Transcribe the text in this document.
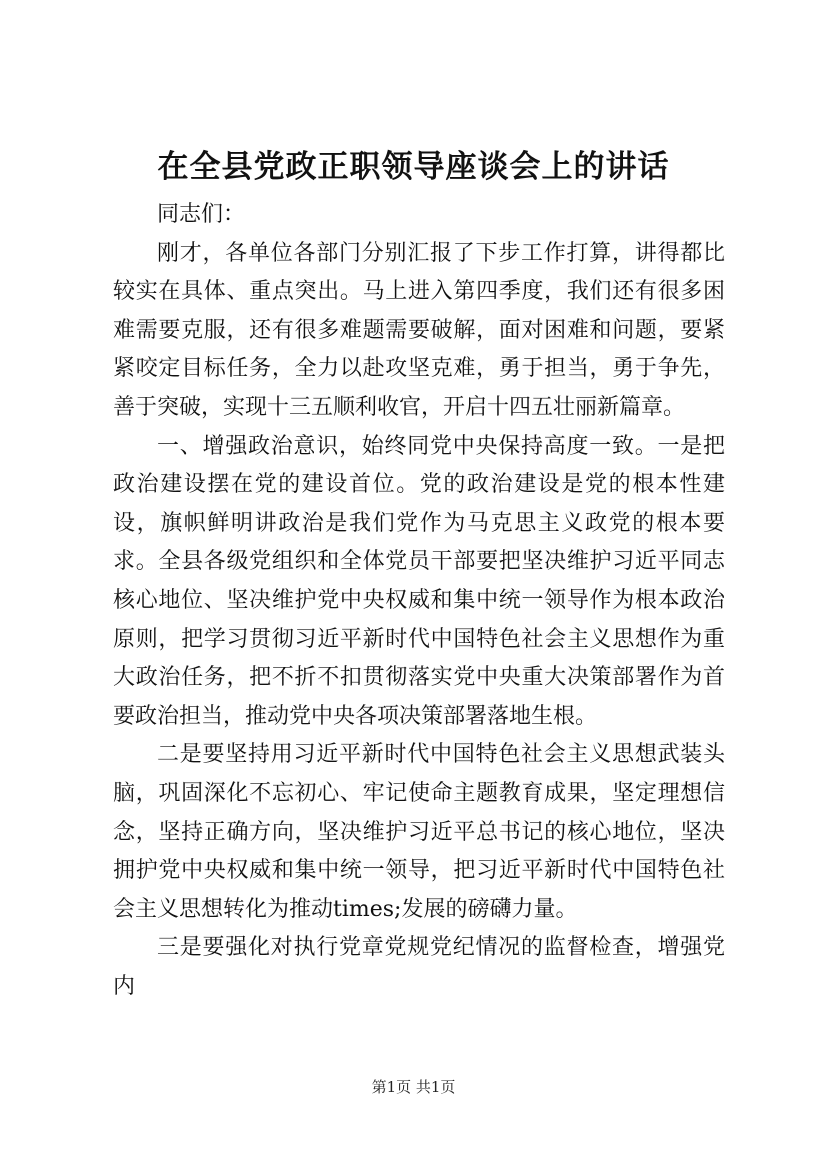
在全县党政正职领导座谈会上的讲话

同志们：

刚才，各单位各部门分别汇报了下步工作打算，讲得都比较实在具体、重点突出。马上进入第四季度，我们还有很多困难需要克服，还有很多难题需要破解，面对困难和问题，要紧紧咬定目标任务，全力以赴攻坚克难，勇于担当，勇于争先，善于突破，实现十三五顺利收官，开启十四五壮丽新篇章。

一、增强政治意识，始终同党中央保持高度一致。一是把政治建设摆在党的建设首位。党的政治建设是党的根本性建设，旗帜鲜明讲政治是我们党作为马克思主义政党的根本要求。全县各级党组织和全体党员干部要把坚决维护习近平同志核心地位、坚决维护党中央权威和集中统一领导作为根本政治原则，把学习贯彻习近平新时代中国特色社会主义思想作为重大政治任务，把不折不扣贯彻落实党中央重大决策部署作为首要政治担当，推动党中央各项决策部署落地生根。

二是要坚持用习近平新时代中国特色社会主义思想武装头脑，巩固深化不忘初心、牢记使命主题教育成果，坚定理想信念，坚持正确方向，坚决维护习近平总书记的核心地位，坚决拥护党中央权威和集中统一领导，把习近平新时代中国特色社会主义思想转化为推动times;发展的磅礴力量。

三是要强化对执行党章党规党纪情况的监督检查，增强党内

第1页 共1页
